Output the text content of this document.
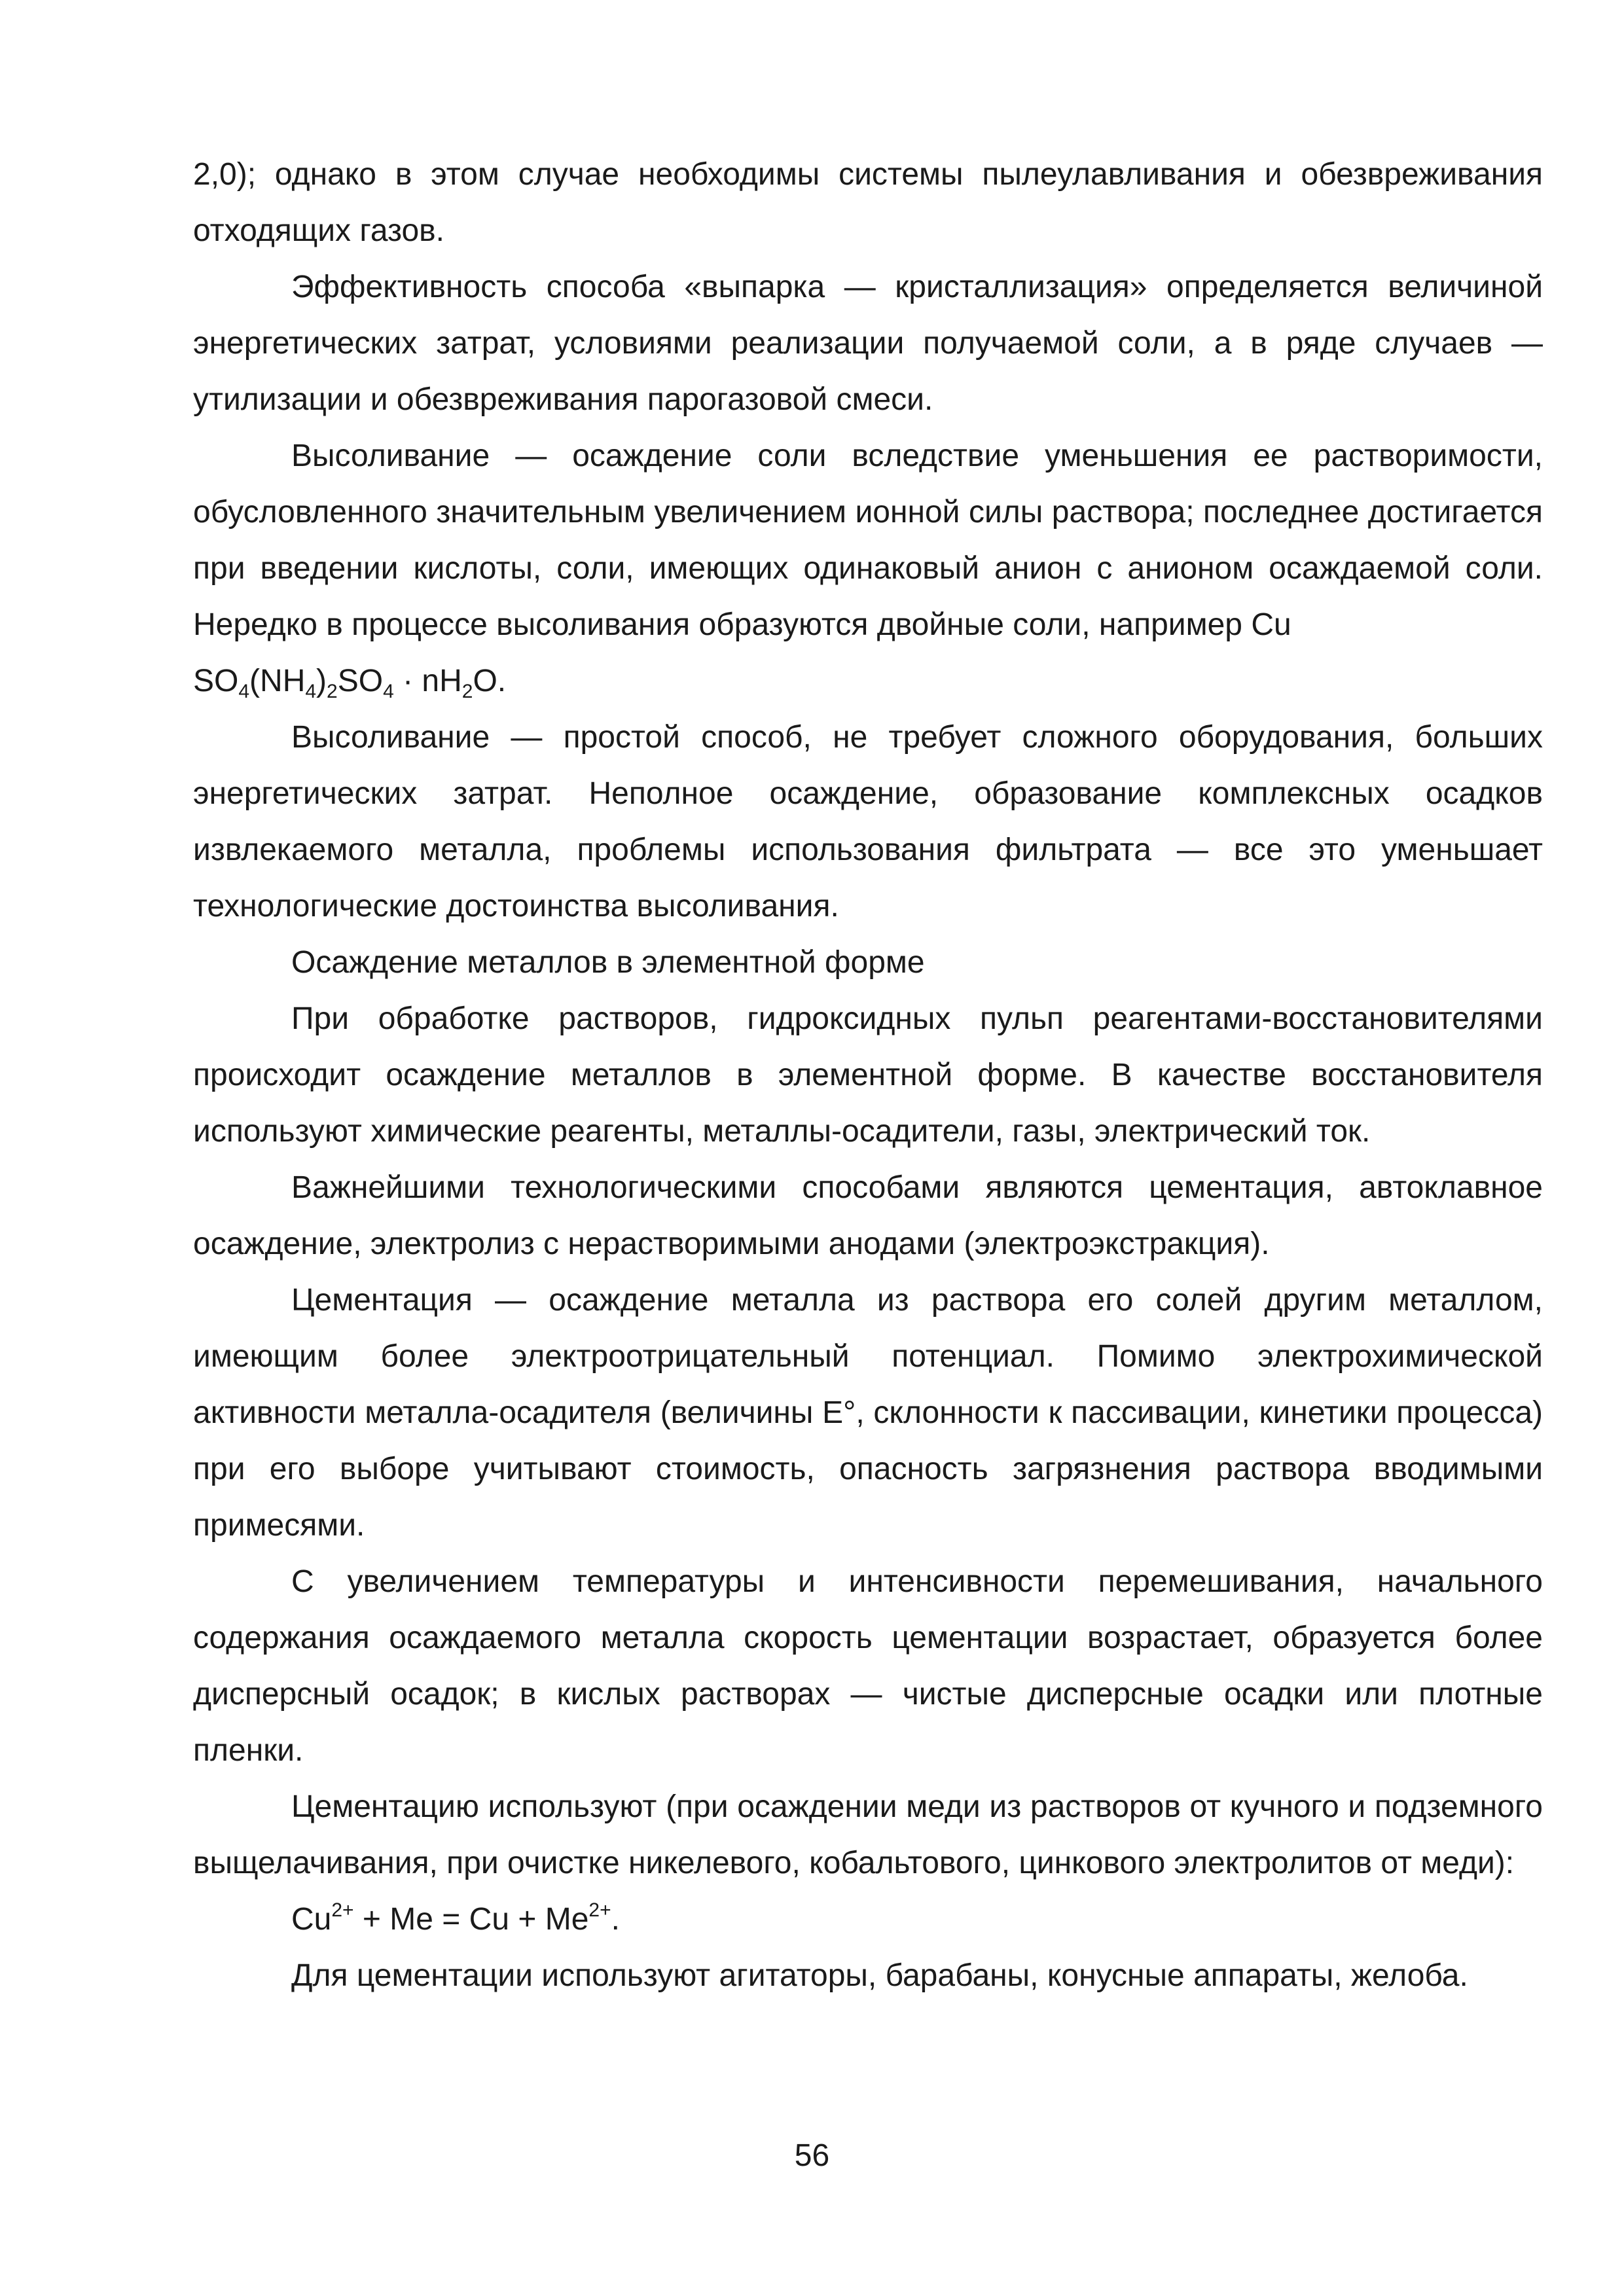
2,0); однако в этом случае необходимы системы пылеулавливания и обезвреживания отходящих газов.

Эффективность способа «выпарка — кристаллизация» определяется величиной энергетических затрат, условиями реализации получаемой соли, а в ряде случаев — утилизации и обезвреживания парогазовой смеси.

Высоливание — осаждение соли вследствие уменьшения ее растворимости, обусловленного значительным увеличением ионной силы раствора; последнее достигается при введении кислоты, соли, имеющих одинаковый анион с анионом осаждаемой соли. Нередко в процессе высоливания образуются двойные соли, например Cu

$SO_4(NH_4)_2SO_4 \cdot nH_2O$.

Высоливание — простой способ, не требует сложного оборудования, больших энергетических затрат. Неполное осаждение, образование комплексных осадков извлекаемого металла, проблемы использования фильтрата — все это уменьшает технологические достоинства высоливания.

Осаждение металлов в элементной форме

При обработке растворов, гидроксидных пульп реагентами-восстановителями происходит осаждение металлов в элементной форме. В качестве восстановителя используют химические реагенты, металлы-осадители, газы, электрический ток.

Важнейшими технологическими способами являются цементация, автоклавное осаждение, электролиз с нерастворимыми анодами (электроэкстракция).

Цементация — осаждение металла из раствора его солей другим металлом, имеющим более электроотрицательный потенциал. Помимо электрохимической активности металла-осадителя (величины E°, склонности к пассивации, кинетики процесса) при его выборе учитывают стоимость, опасность загрязнения раствора вводимыми примесями.

С увеличением температуры и интенсивности перемешивания, начального содержания осаждаемого металла скорость цементации возрастает, образуется более дисперсный осадок; в кислых растворах — чистые дисперсные осадки или плотные пленки.

Цементацию используют (при осаждении меди из растворов от кучного и подземного выщелачивания, при очистке никелевого, кобальтового, цинкового электролитов от меди):

$Cu^{2+} + Me = Cu + Me^{2+}$.

Для цементации используют агитаторы, барабаны, конусные аппараты, желоба.

56
